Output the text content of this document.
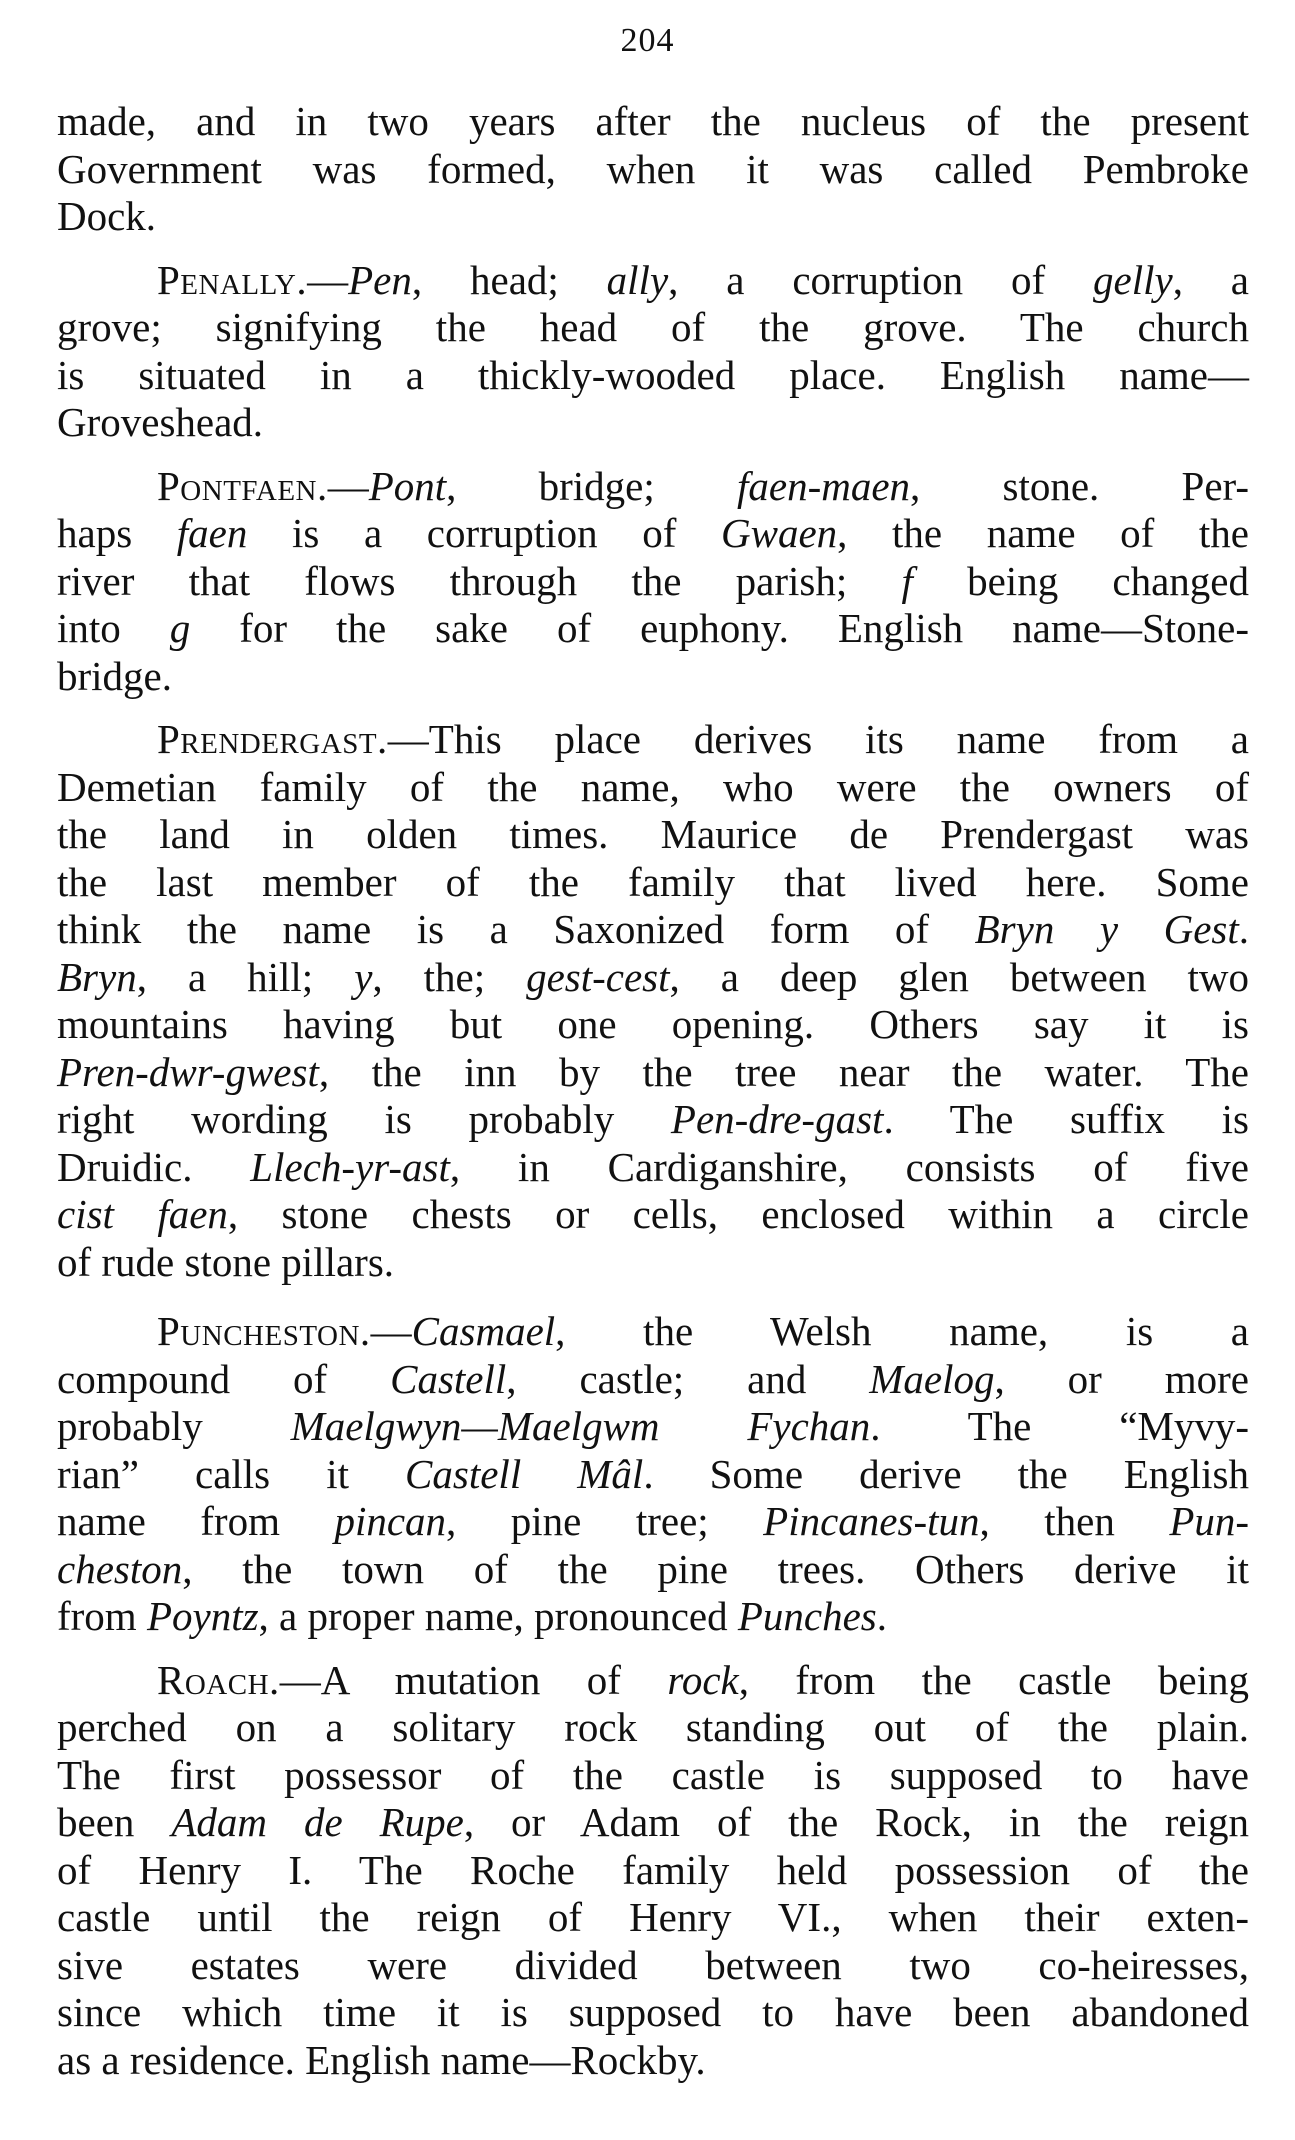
204
made, and in two years after the nucleus of the present
Government was formed, when it was called Pembroke
Dock.
Penally.—Pen, head; ally, a corruption of gelly, a
grove; signifying the head of the grove. The church
is situated in a thickly-wooded place. English name—
Groveshead.
Pontfaen.—Pont, bridge; faen-maen, stone. Per-
haps faen is a corruption of Gwaen, the name of the
river that flows through the parish; f being changed
into g for the sake of euphony. English name—Stone-
bridge.
Prendergast.—This place derives its name from a
Demetian family of the name, who were the owners of
the land in olden times. Maurice de Prendergast was
the last member of the family that lived here. Some
think the name is a Saxonized form of Bryn y Gest.
Bryn, a hill; y, the; gest-cest, a deep glen between two
mountains having but one opening. Others say it is
Pren-dwr-gwest, the inn by the tree near the water. The
right wording is probably Pen-dre-gast. The suffix is
Druidic. Llech-yr-ast, in Cardiganshire, consists of five
cist faen, stone chests or cells, enclosed within a circle
of rude stone pillars.
Puncheston.—Casmael, the Welsh name, is a
compound of Castell, castle; and Maelog, or more
probably Maelgwyn—Maelgwm Fychan. The “Myvy-
rian” calls it Castell Mâl. Some derive the English
name from pincan, pine tree; Pincanes-tun, then Pun-
cheston, the town of the pine trees. Others derive it
from Poyntz, a proper name, pronounced Punches.
Roach.—A mutation of rock, from the castle being
perched on a solitary rock standing out of the plain.
The first possessor of the castle is supposed to have
been Adam de Rupe, or Adam of the Rock, in the reign
of Henry I. The Roche family held possession of the
castle until the reign of Henry VI., when their exten-
sive estates were divided between two co-heiresses,
since which time it is supposed to have been abandoned
as a residence. English name—Rockby.
